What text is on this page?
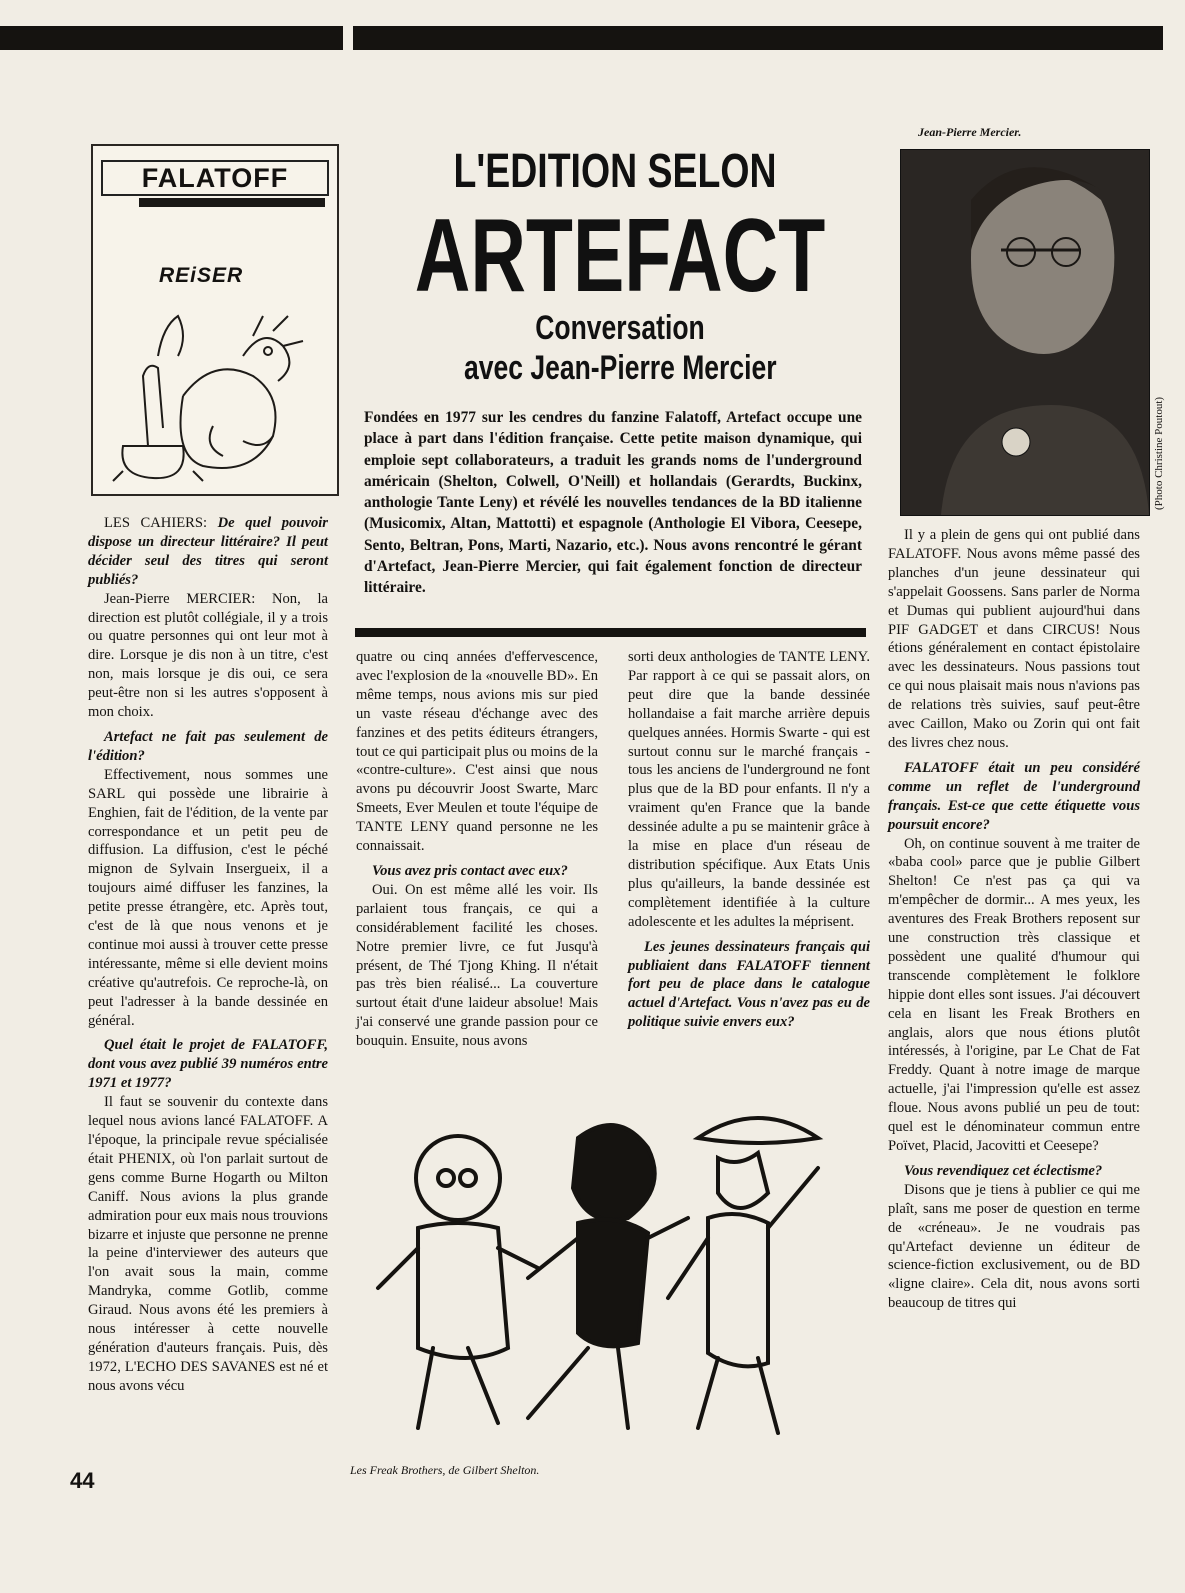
FALATOFF
REiSER
L'EDITION SELON
ARTEFACT
Conversation
avec Jean-Pierre Mercier
Fondées en 1977 sur les cendres du fanzine Falatoff, Artefact occupe une place à part dans l'édition française. Cette petite maison dynamique, qui emploie sept collaborateurs, a traduit les grands noms de l'underground américain (Shelton, Colwell, O'Neill) et hollandais (Gerardts, Buckinx, anthologie Tante Leny) et révélé les nouvelles tendances de la BD italienne (Musicomix, Altan, Mattotti) et espagnole (Anthologie El Vibora, Ceesepe, Sento, Beltran, Pons, Marti, Nazario, etc.). Nous avons rencontré le gérant d'Artefact, Jean-Pierre Mercier, qui fait également fonction de directeur littéraire.
Jean-Pierre Mercier.
(Photo Christine Poutout)

LES CAHIERS: De quel pouvoir dispose un directeur littéraire? Il peut décider seul des titres qui seront publiés?

Jean-Pierre MERCIER: Non, la direction est plutôt collégiale, il y a trois ou quatre personnes qui ont leur mot à dire. Lorsque je dis non à un titre, c'est non, mais lorsque je dis oui, ce sera peut-être non si les autres s'opposent à mon choix.

Artefact ne fait pas seulement de l'édition?

Effectivement, nous sommes une SARL qui possède une librairie à Enghien, fait de l'édition, de la vente par correspondance et un petit peu de diffusion. La diffusion, c'est le péché mignon de Sylvain Inserguеix, il a toujours aimé diffuser les fanzines, la petite presse étrangère, etc. Après tout, c'est de là que nous venons et je continue moi aussi à trouver cette presse intéressante, même si elle devient moins créative qu'autrefois. Ce reproche-là, on peut l'adresser à la bande dessinée en général.

Quel était le projet de FALATOFF, dont vous avez publié 39 numéros entre 1971 et 1977?

Il faut se souvenir du contexte dans lequel nous avions lancé FALATOFF. A l'époque, la principale revue spécialisée était PHENIX, où l'on parlait surtout de gens comme Burne Hogarth ou Milton Caniff. Nous avions la plus grande admiration pour eux mais nous trouvions bizarre et injuste que personne ne prenne la peine d'interviewer des auteurs que l'on avait sous la main, comme Mandryka, comme Gotlib, comme Giraud. Nous avons été les premiers à nous intéresser à cette nouvelle génération d'auteurs français. Puis, dès 1972, L'ECHO DES SAVANES est né et nous avons vécu

quatre ou cinq années d'effervescence, avec l'explosion de la «nouvelle BD». En même temps, nous avions mis sur pied un vaste réseau d'échange avec des fanzines et des petits éditeurs étrangers, tout ce qui participait plus ou moins de la «contre-culture». C'est ainsi que nous avons pu découvrir Joost Swarte, Marc Smeets, Ever Meulen et toute l'équipe de TANTE LENY quand personne ne les connaissait.

Vous avez pris contact avec eux?

Oui. On est même allé les voir. Ils parlaient tous français, ce qui a considérablement facilité les choses. Notre premier livre, ce fut Jusqu'à présent, de Thé Tjong Khing. Il n'était pas très bien réalisé... La couverture surtout était d'une laideur absolue! Mais j'ai conservé une grande passion pour ce bouquin. Ensuite, nous avons

sorti deux anthologies de TANTE LENY. Par rapport à ce qui se passait alors, on peut dire que la bande dessinée hollandaise a fait marche arrière depuis quelques années. Hormis Swarte - qui est surtout connu sur le marché français - tous les anciens de l'underground ne font plus que de la BD pour enfants. Il n'y a vraiment qu'en France que la bande dessinée adulte a pu se maintenir grâce à la mise en place d'un réseau de distribution spécifique. Aux Etats Unis plus qu'ailleurs, la bande dessinée est complètement identifiée à la culture adolescente et les adultes la méprisent.

Les jeunes dessinateurs français qui publiaient dans FALATOFF tiennent fort peu de place dans le catalogue actuel d'Artefact. Vous n'avez pas eu de politique suivie envers eux?

Il y a plein de gens qui ont publié dans FALATOFF. Nous avons même passé des planches d'un jeune dessinateur qui s'appelait Goossens. Sans parler de Norma et Dumas qui publient aujourd'hui dans PIF GADGET et dans CIRCUS! Nous étions généralement en contact épistolaire avec les dessinateurs. Nous passions tout ce qui nous plaisait mais nous n'avions pas de relations très suivies, sauf peut-être avec Caillon, Mako ou Zorin qui ont fait des livres chez nous.

FALATOFF était un peu considéré comme un reflet de l'underground français. Est-ce que cette étiquette vous poursuit encore?

Oh, on continue souvent à me traiter de «baba cool» parce que je publie Gilbert Shelton! Ce n'est pas ça qui va m'empêcher de dormir... A mes yeux, les aventures des Freak Brothers reposent sur une construction très classique et possèdent une qualité d'humour qui transcende complètement le folklore hippie dont elles sont issues. J'ai découvert cela en lisant les Freak Brothers en anglais, alors que nous étions plutôt intéressés, à l'origine, par Le Chat de Fat Freddy. Quant à notre image de marque actuelle, j'ai l'impression qu'elle est assez floue. Nous avons publié un peu de tout: quel est le dénominateur commun entre Poïvet, Placid, Jacovitti et Ceesepe?

Vous revendiquez cet éclectisme?

Disons que je tiens à publier ce qui me plaît, sans me poser de question en terme de «créneau». Je ne voudrais pas qu'Artefact devienne un éditeur de science-fiction exclusivement, ou de BD «ligne claire». Cela dit, nous avons sorti beaucoup de titres qui

Les Freak Brothers, de Gilbert Shelton.
44
